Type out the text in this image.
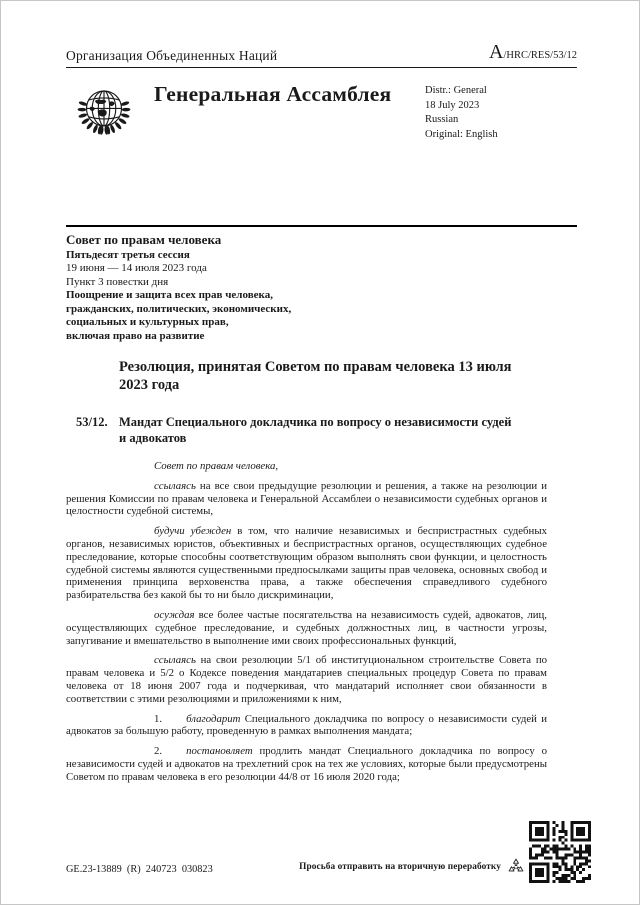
Организация Объединенных Наций	A/HRC/RES/53/12
Генеральная Ассамблея	Distr.: General
18 July 2023
Russian
Original: English
Совет по правам человека
Пятьдесят третья сессия
19 июня — 14 июля 2023 года
Пункт 3 повестки дня
Поощрение и защита всех прав человека,
гражданских, политических, экономических,
социальных и культурных прав,
включая право на развитие
Резолюция, принятая Советом по правам человека 13 июля 2023 года
53/12. Мандат Специального докладчика по вопросу о независимости судей и адвокатов

Совет по правам человека,

ссылаясь на все свои предыдущие резолюции и решения, а также на резолюции и решения Комиссии по правам человека и Генеральной Ассамблеи о независимости судебных органов и целостности судебной системы,

будучи убежден в том, что наличие независимых и беспристрастных судебных органов, независимых юристов, объективных и беспристрастных органов, осуществляющих судебное преследование, которые способны соответствующим образом выполнять свои функции, и целостность судебной системы являются существенными предпосылками защиты прав человека, основных свобод и применения принципа верховенства права, а также обеспечения справедливого судебного разбирательства без какой бы то ни было дискриминации,

осуждая все более частые посягательства на независимость судей, адвокатов, лиц, осуществляющих судебное преследование, и судебных должностных лиц, в частности угрозы, запугивание и вмешательство в выполнение ими своих профессиональных функций,

ссылаясь на свои резолюции 5/1 об институциональном строительстве Совета по правам человека и 5/2 о Кодексе поведения мандатариев специальных процедур Совета по правам человека от 18 июня 2007 года и подчеркивая, что мандатарий исполняет свои обязанности в соответствии с этими резолюциями и приложениями к ним,

1. благодарит Специального докладчика по вопросу о независимости судей и адвокатов за большую работу, проведенную в рамках выполнения мандата;

2. постановляет продлить мандат Специального докладчика по вопросу о независимости судей и адвокатов на трехлетний срок на тех же условиях, которые были предусмотрены Советом по правам человека в его резолюции 44/8 от 16 июля 2020 года;

GE.23-13889  (R)  240723  030823	Просьба отправить на вторичную переработку
